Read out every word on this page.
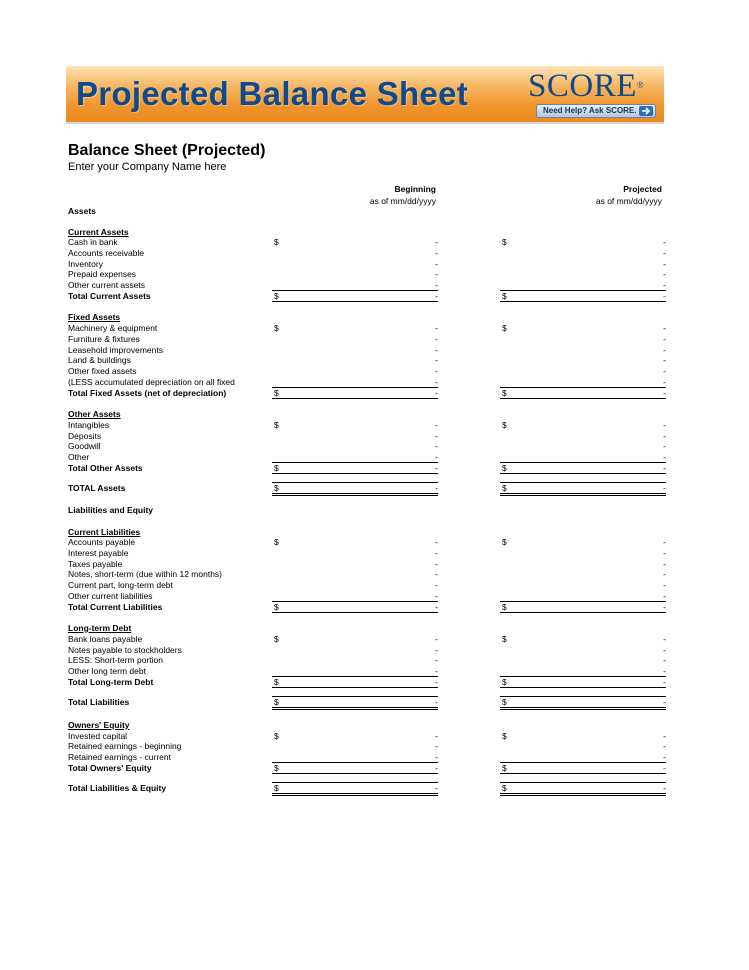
Projected Balance Sheet SCORE®
Need Help? Ask SCORE.
Balance Sheet (Projected)
Enter your Company Name here
Beginning
as of mm/dd/yyyy
Projected
as of mm/dd/yyyy
Assets
Current Assets
Cash in bank	$	-	$	-
Accounts receivable	-	-
Inventory	-	-
Prepaid expenses	-	-
Other current assets	-	-
Total Current Assets	$	-	$	-
Fixed Assets
Machinery & equipment	$	-	$	-
Furniture & fixtures	-	-
Leasehold improvements	-	-
Land & buildings	-	-
Other fixed assets	-	-
(LESS accumulated depreciation on all fixed	-	-
Total Fixed Assets (net of depreciation)	$	-	$	-
Other Assets
Intangibles	$	-	$	-
Deposits	-	-
Goodwill	-	-
Other	-	-
Total Other Assets	$	-	$	-
TOTAL Assets	$	-	$	-
Liabilities and Equity
Current Liabilities
Accounts payable	$	-	$	-
Interest payable	-	-
Taxes payable	-	-
Notes, short-term (due within 12 months)	-	-
Current part, long-term debt	-	-
Other current liabilities	-	-
Total Current Liabilities	$	-	$	-
Long-term Debt
Bank loans payable	$	-	$	-
Notes payable to stockholders	-	-
LESS: Short-term portion	-	-
Other long term debt	-	-
Total Long-term Debt	$	-	$	-
Total Liabilities	$	-	$	-
Owners' Equity
Invested capital	$	-	$	-
Retained earnings - beginning	-	-
Retained earnings - current	-	-
Total Owners' Equity	$	-	$	-
Total Liabilities & Equity	$	-	$	-
